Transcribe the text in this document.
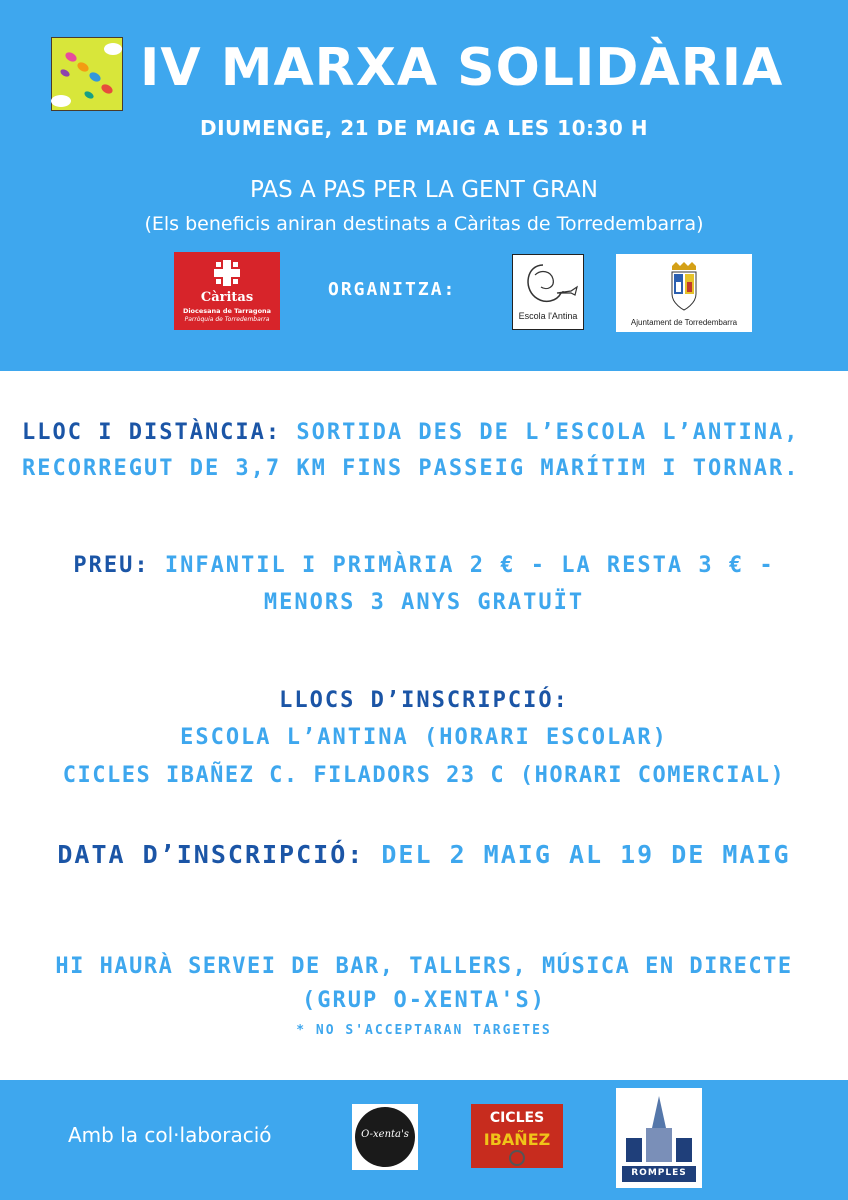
IV MARXA SOLIDÀRIA
DIUMENGE, 21 DE MAIG A LES 10:30 H
PAS A PAS PER LA GENT GRAN
(Els beneficis aniran destinats a Càritas de Torredembarra)
Càritas
Diocesana de Tarragona
Parròquia de Torredembarra
ORGANITZA:
Escola l'Antina
Ajuntament de Torredembarra
LLOC I DISTÀNCIA: SORTIDA DES DE L’ESCOLA L’ANTINA,
RECORREGUT DE 3,7 KM FINS PASSEIG MARÍTIM I TORNAR.
PREU: INFANTIL I PRIMÀRIA 2 € - LA RESTA 3 € -
MENORS 3 ANYS GRATUÏT
LLOCS D’INSCRIPCIÓ:
ESCOLA L’ANTINA (HORARI ESCOLAR)
CICLES IBAÑEZ C. FILADORS 23 C (HORARI COMERCIAL)
DATA D’INSCRIPCIÓ: DEL 2 MAIG AL 19 DE MAIG
HI HAURÀ SERVEI DE BAR, TALLERS, MÚSICA EN DIRECTE
(GRUP O-XENTA'S)
* NO S'ACCEPTARAN TARGETES
Amb la col·laboració	O-xenta's
CICLES
IBAÑEZ
ROMPLES
